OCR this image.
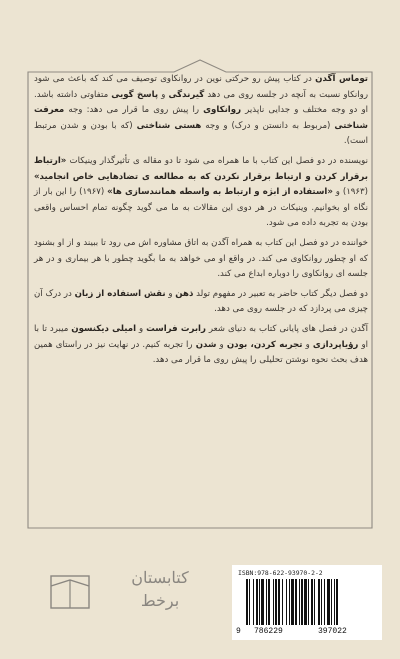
توماس آگدن در کتاب پیش رو حرکتی نوین در روانکاوی توصیف می کند که باعث می شود روانکاو نسبت به آنچه در جلسه روی می دهد گیرندگی و پاسخ گویی متفاوتی داشته باشد. او دو وجه مختلف و جدایی ناپذیر روانکاوی را پیش روی ما قرار می دهد: وجه معرفت شناختی (مربوط به دانستن و درک) و وجه هستی شناختی (که با بودن و شدن مرتبط است).

نویسنده در دو فصل این کتاب با ما همراه می شود تا دو مقاله ی تأثیرگذار وینیکات «ارتباط برقرار کردن و ارتباط برقرار نکردن که به مطالعه ی تضادهایی خاص انجامید» (۱۹۶۳) و «استفاده از ابژه و ارتباط به واسطه همانندسازی ها» (۱۹۶۷) را این بار از نگاه او بخوانیم. وینیکات در هر دوی این مقالات به ما می گوید چگونه تمام احساس واقعی بودن به تجربه داده می شود.

خواننده در دو فصل این کتاب به همراه آگدن به اتاق مشاوره اش می رود تا ببیند و از او بشنود که او چطور روانکاوی می کند. در واقع او می خواهد به ما بگوید چطور با هر بیماری و در هر جلسه ای روانکاوی را دوباره ابداع می کند.

دو فصل دیگر کتاب حاضر به تعبیر در مفهوم تولد ذهن و نقش استفاده از زبان در درک آن چیزی می پردازد که در جلسه روی می دهد.

آگدن در فصل های پایانی کتاب به دنیای شعر رابرت فراست و امیلی دیکنسون میبرد تا با او رؤیاپردازی و تجربه کردن، بودن و شدن را تجربه کنیم. در نهایت نیز در راستای همین هدف بحث نحوه نوشتن تحلیلی را پیش روی ما قرار می دهد.

ISBN:978-622-93970-2-2
9 786229	397022
کتابستان
برخط
